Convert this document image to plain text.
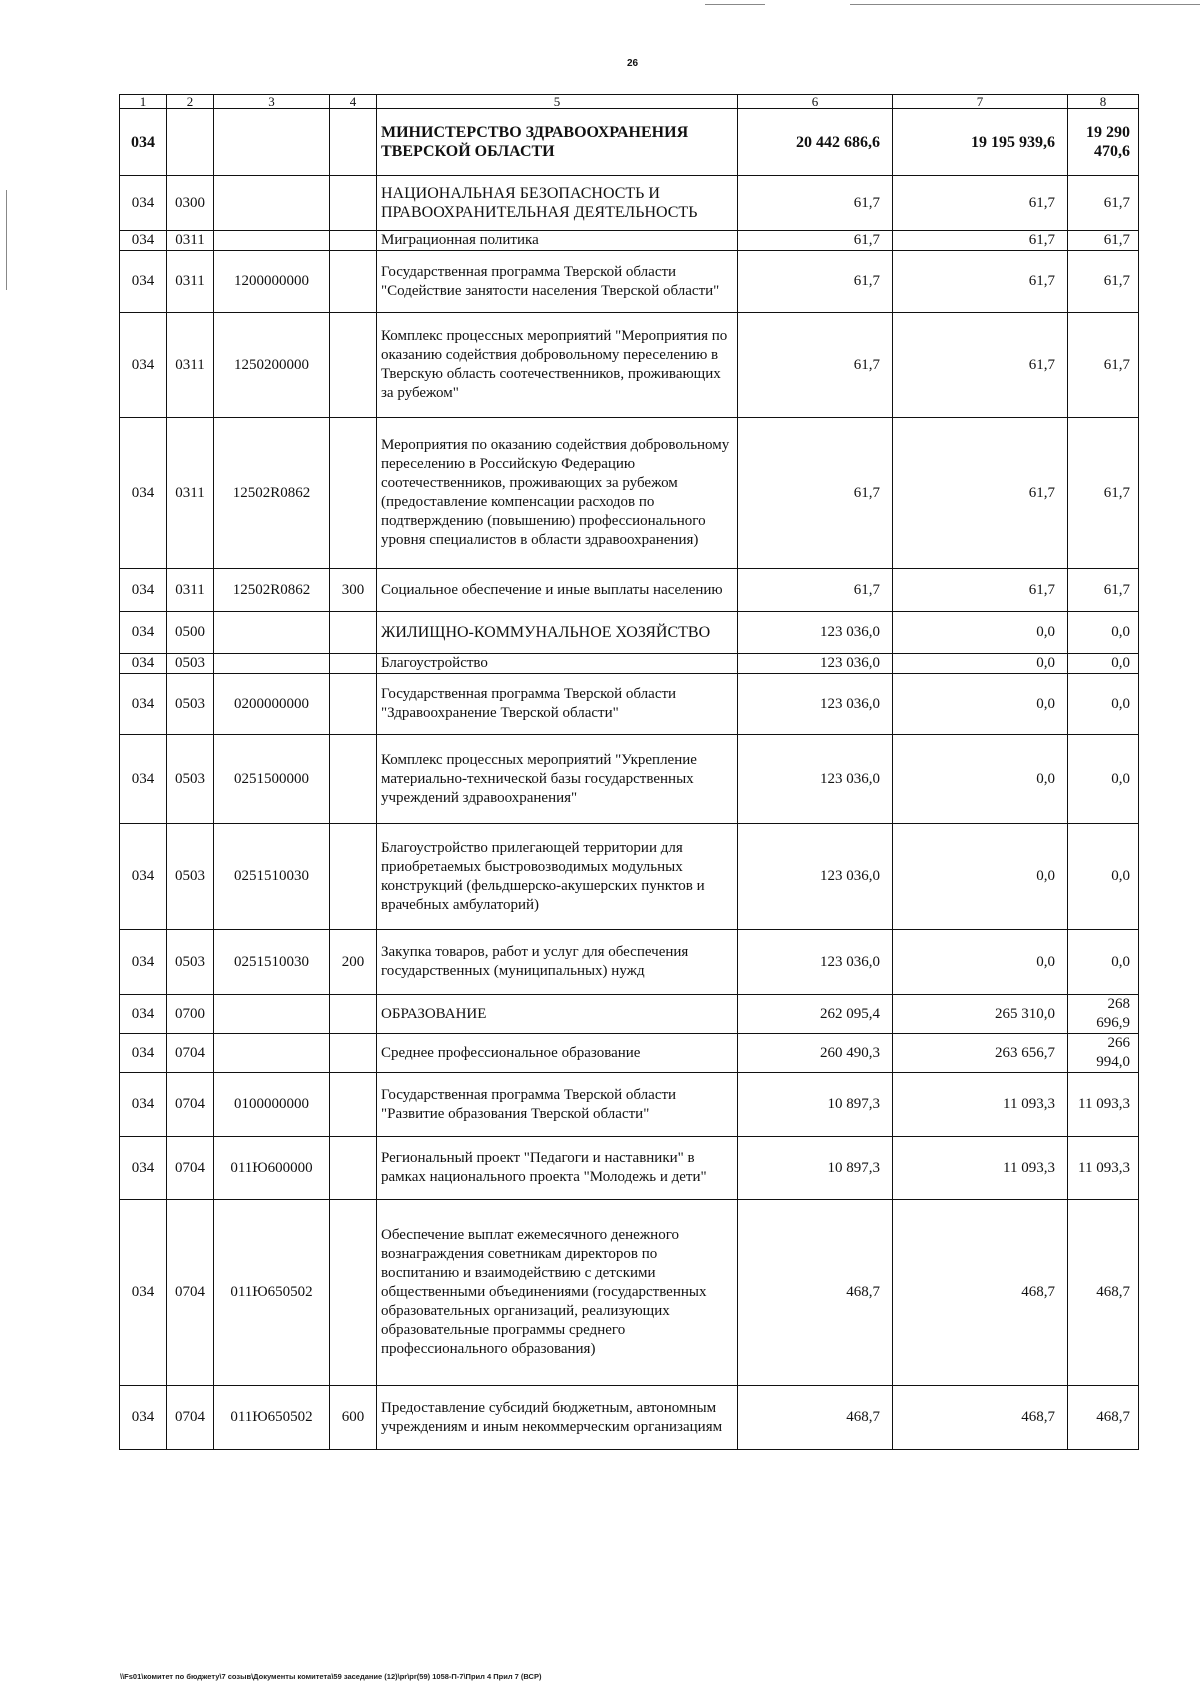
26
1	2	3	4	5	6	7	8
034				МИНИСТЕРСТВО ЗДРАВООХРАНЕНИЯ ТВЕРСКОЙ ОБЛАСТИ	20 442 686,6	19 195 939,6	19 290 470,6
034	0300			НАЦИОНАЛЬНАЯ БЕЗОПАСНОСТЬ И ПРАВООХРАНИТЕЛЬНАЯ ДЕЯТЕЛЬНОСТЬ	61,7	61,7	61,7
034	0311			Миграционная политика	61,7	61,7	61,7
034	0311	1200000000		Государственная программа Тверской области "Содействие занятости населения Тверской области"	61,7	61,7	61,7
034	0311	1250200000		Комплекс процессных мероприятий "Мероприятия по оказанию содействия добровольному переселению в Тверскую область соотечественников, проживающих за рубежом"	61,7	61,7	61,7
034	0311	12502R0862		Мероприятия по оказанию содействия добровольному переселению в Российскую Федерацию соотечественников, проживающих за рубежом (предоставление компенсации расходов по подтверждению (повышению) профессионального уровня специалистов в области здравоохранения)	61,7	61,7	61,7
034	0311	12502R0862	300	Социальное обеспечение и иные выплаты населению	61,7	61,7	61,7
034	0500			ЖИЛИЩНО-КОММУНАЛЬНОЕ ХОЗЯЙСТВО	123 036,0	0,0	0,0
034	0503			Благоустройство	123 036,0	0,0	0,0
034	0503	0200000000		Государственная программа Тверской области "Здравоохранение Тверской области"	123 036,0	0,0	0,0
034	0503	0251500000		Комплекс процессных мероприятий "Укрепление материально-технической базы государственных учреждений здравоохранения"	123 036,0	0,0	0,0
034	0503	0251510030		Благоустройство прилегающей территории для приобретаемых быстровозводимых модульных конструкций (фельдшерско-акушерских пунктов и врачебных амбулаторий)	123 036,0	0,0	0,0
034	0503	0251510030	200	Закупка товаров, работ и услуг для обеспечения государственных (муниципальных) нужд	123 036,0	0,0	0,0
034	0700			ОБРАЗОВАНИЕ	262 095,4	265 310,0	268 696,9
034	0704			Среднее профессиональное образование	260 490,3	263 656,7	266 994,0
034	0704	0100000000		Государственная программа Тверской области "Развитие образования Тверской области"	10 897,3	11 093,3	11 093,3
034	0704	011Ю600000		Региональный проект "Педагоги и наставники" в рамках национального проекта "Молодежь и дети"	10 897,3	11 093,3	11 093,3
034	0704	011Ю650502		Обеспечение выплат ежемесячного денежного вознаграждения советникам директоров по воспитанию и взаимодействию с детскими общественными объединениями (государственных образовательных организаций, реализующих образовательные программы среднего профессионального образования)	468,7	468,7	468,7
034	0704	011Ю650502	600	Предоставление субсидий бюджетным, автономным учреждениям и иным некоммерческим организациям	468,7	468,7	468,7
\\Fs01\комитет по бюджету\7 созыв\Документы комитета\59 заседание (12)\pr\pr(59) 1058-П-7\Прил 4 Прил 7 (ВСР)
